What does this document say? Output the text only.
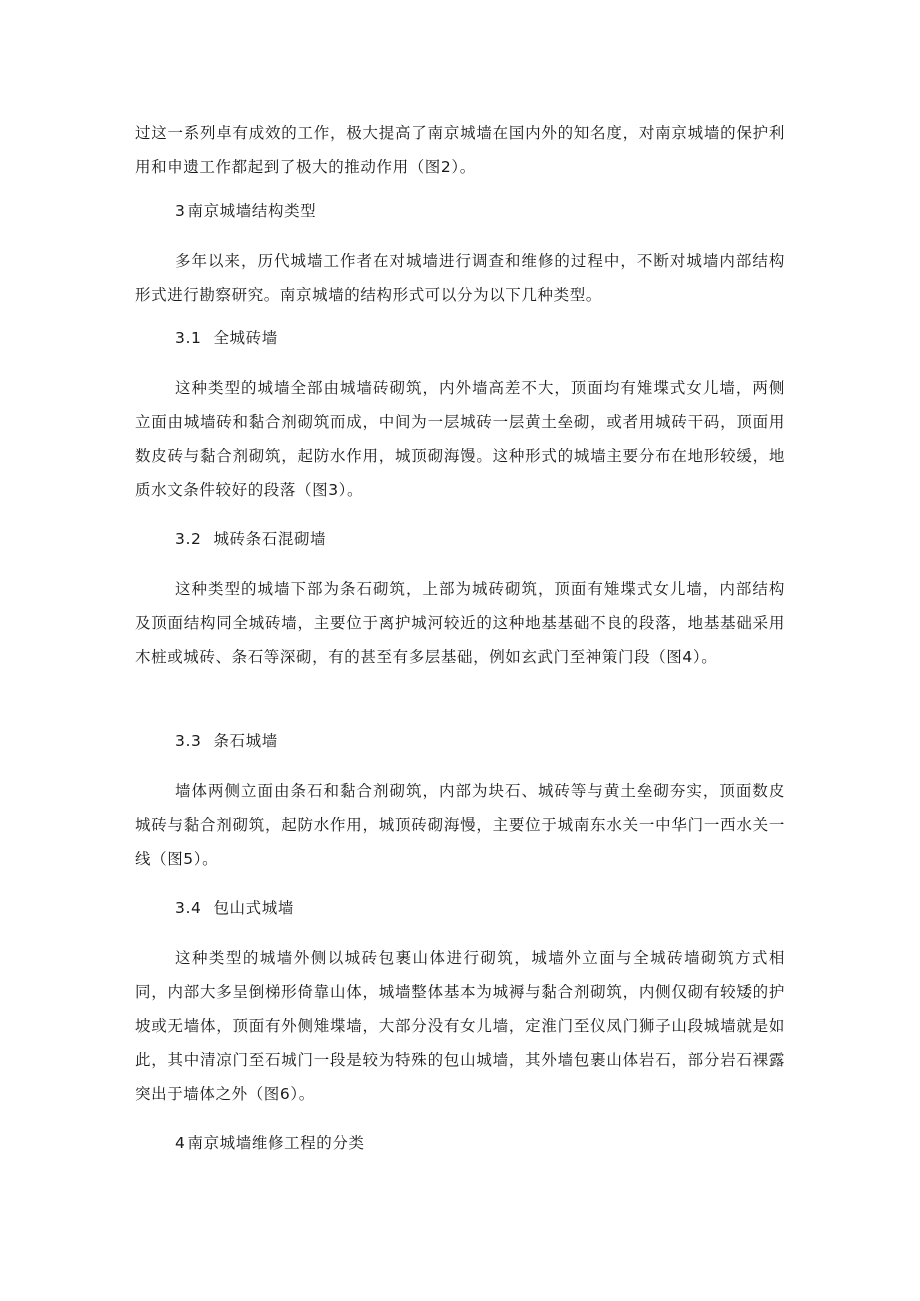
过这一系列卓有成效的工作，极大提高了南京城墙在国内外的知名度，对南京城墙的保护利用和申遗工作都起到了极大的推动作用（图2）。

3 南京城墙结构类型

多年以来，历代城墙工作者在对城墙进行调查和维修的过程中，不断对城墙内部结构形式进行勘察研究。南京城墙的结构形式可以分为以下几种类型。

3.1 全城砖墙

这种类型的城墙全部由城墙砖砌筑，内外墙高差不大，顶面均有雉堞式女儿墙，两侧立面由城墙砖和黏合剂砌筑而成，中间为一层城砖一层黄土垒砌，或者用城砖干码，顶面用数皮砖与黏合剂砌筑，起防水作用，城顶砌海馒。这种形式的城墙主要分布在地形较缓，地质水文条件较好的段落（图3）。

3.2 城砖条石混砌墙

这种类型的城墙下部为条石砌筑，上部为城砖砌筑，顶面有雉堞式女儿墙，内部结构及顶面结构同全城砖墙，主要位于离护城河较近的这种地基基础不良的段落，地基基础采用木桩或城砖、条石等深砌，有的甚至有多层基础，例如玄武门至神策门段（图4）。

3.3 条石城墙

墙体两侧立面由条石和黏合剂砌筑，内部为块石、城砖等与黄土垒砌夯实，顶面数皮城砖与黏合剂砌筑，起防水作用，城顶砖砌海慢，主要位于城南东水关一中华门一西水关一线（图5）。

3.4 包山式城墙

这种类型的城墙外侧以城砖包裹山体进行砌筑，城墙外立面与全城砖墙砌筑方式相同，内部大多呈倒梯形倚靠山体，城墙整体基本为城褥与黏合剂砌筑，内侧仅砌有较矮的护坡或无墙体，顶面有外侧雉堞墙，大部分没有女儿墙，定淮门至仪凤门狮子山段城墙就是如此，其中清凉门至石城门一段是较为特殊的包山城墙，其外墙包裹山体岩石，部分岩石裸露突出于墙体之外（图6）。

4 南京城墙维修工程的分类
